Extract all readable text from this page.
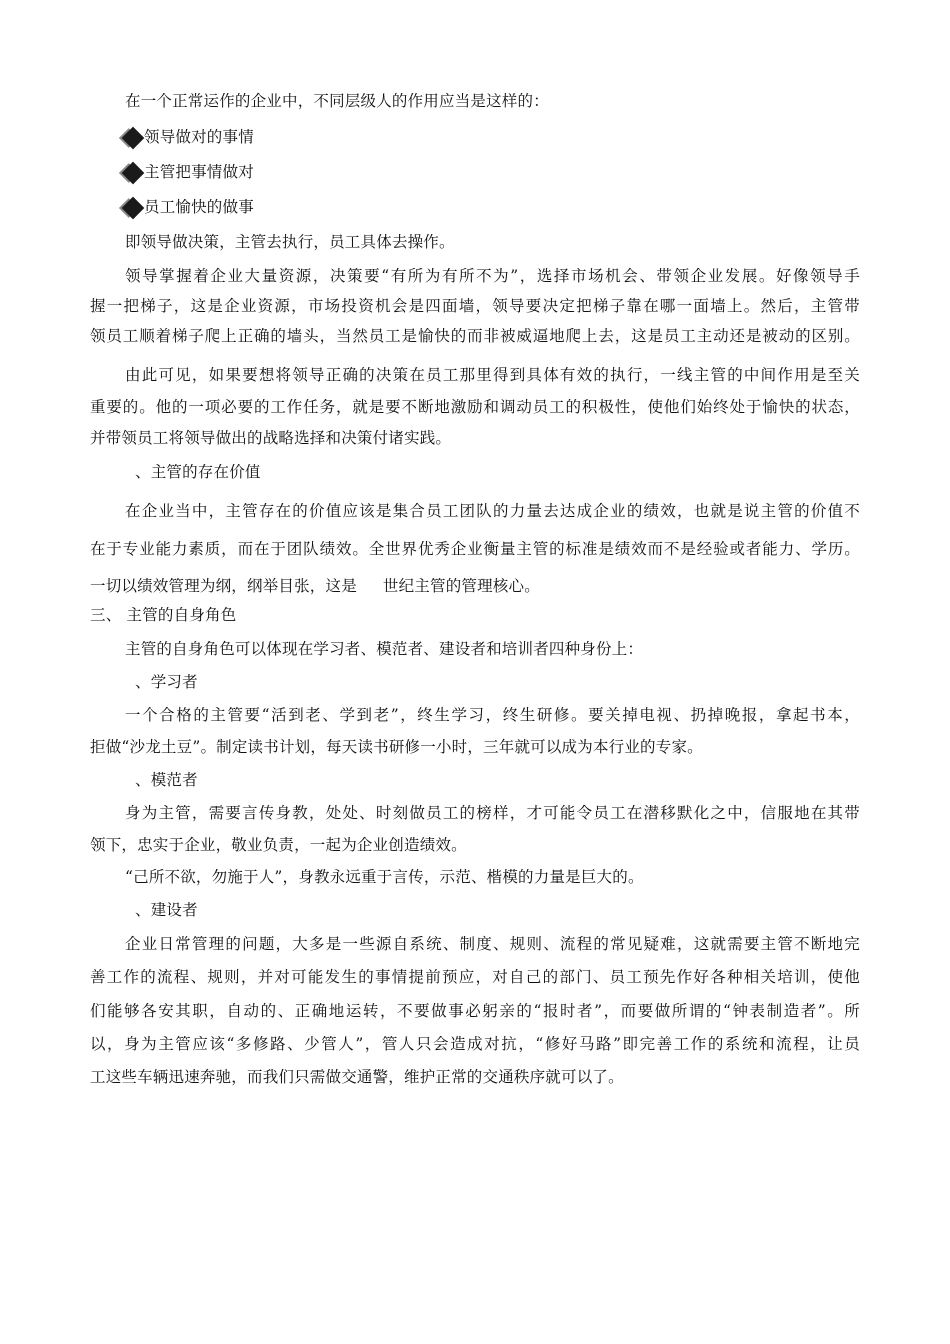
在一个正常运作的企业中，不同层级人的作用应当是这样的：
领导做对的事情
主管把事情做对
员工愉快的做事
即领导做决策，主管去执行，员工具体去操作。
领导掌握着企业大量资源，决策要“有所为有所不为”，选择市场机会、带领企业发展。好像领导手
握一把梯子，这是企业资源，市场投资机会是四面墙，领导要决定把梯子靠在哪一面墙上。然后，主管带
领员工顺着梯子爬上正确的墙头，当然员工是愉快的而非被威逼地爬上去，这是员工主动还是被动的区别。
由此可见，如果要想将领导正确的决策在员工那里得到具体有效的执行，一线主管的中间作用是至关
重要的。他的一项必要的工作任务，就是要不断地激励和调动员工的积极性，使他们始终处于愉快的状态，
并带领员工将领导做出的战略选择和决策付诸实践。
、主管的存在价值
在企业当中，主管存在的价值应该是集合员工团队的力量去达成企业的绩效，也就是说主管的价值不
在于专业能力素质，而在于团队绩效。全世界优秀企业衡量主管的标准是绩效而不是经验或者能力、学历。
一切以绩效管理为纲，纲举目张，这是 世纪主管的管理核心。
三、 主管的自身角色
主管的自身角色可以体现在学习者、模范者、建设者和培训者四种身份上：
、学习者
一个合格的主管要“活到老、学到老”，终生学习，终生研修。要关掉电视、扔掉晚报，拿起书本，
拒做“沙龙土豆”。制定读书计划，每天读书研修一小时，三年就可以成为本行业的专家。
、模范者
身为主管，需要言传身教，处处、时刻做员工的榜样，才可能令员工在潜移默化之中，信服地在其带
领下，忠实于企业，敬业负责，一起为企业创造绩效。
“己所不欲，勿施于人”，身教永远重于言传，示范、楷模的力量是巨大的。
、建设者
企业日常管理的问题，大多是一些源自系统、制度、规则、流程的常见疑难，这就需要主管不断地完
善工作的流程、规则，并对可能发生的事情提前预应，对自己的部门、员工预先作好各种相关培训，使他
们能够各安其职，自动的、正确地运转，不要做事必躬亲的“报时者”，而要做所谓的“钟表制造者”。所
以，身为主管应该“多修路、少管人”，管人只会造成对抗，“修好马路”即完善工作的系统和流程，让员
工这些车辆迅速奔驰，而我们只需做交通警，维护正常的交通秩序就可以了。
